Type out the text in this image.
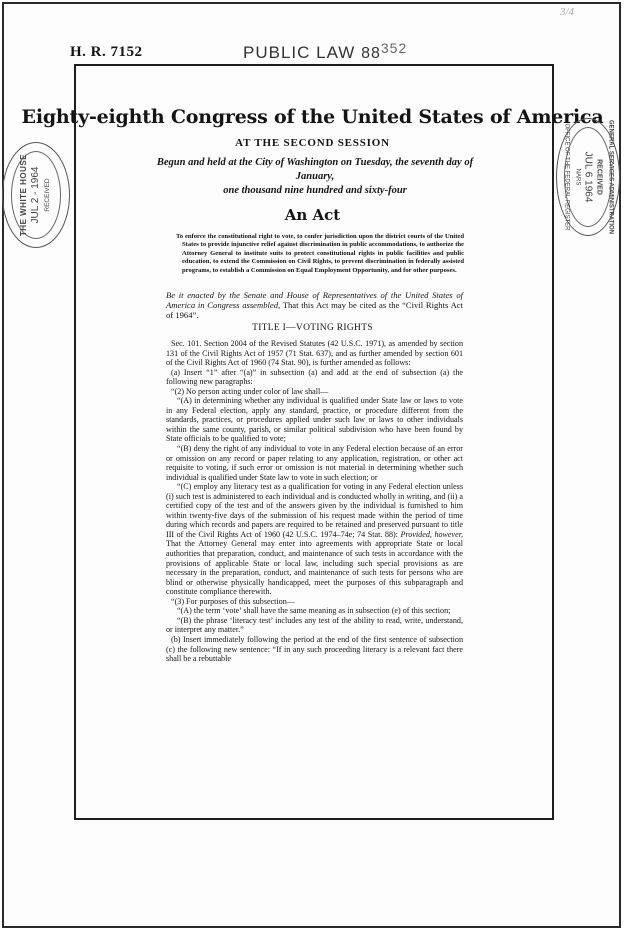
3/4
H. R. 7152	PUBLIC LAW $88^{352}$
Eighty-eighth Congress of the United States of America
AT THE SECOND SESSION
Begun and held at the City of Washington on Tuesday, the seventh day of January,
one thousand nine hundred and sixty-four
An Act
To enforce the constitutional right to vote, to confer jurisdiction upon the district courts of the United States to provide injunctive relief against discrimination in public accommodations, to authorize the Attorney General to institute suits to protect constitutional rights in public facilities and public education, to extend the Commission on Civil Rights, to prevent discrimination in federally assisted programs, to establish a Commission on Equal Employment Opportunity, and for other purposes.
Be it enacted by the Senate and House of Representatives of the United States of America in Congress assembled, That this Act may be cited as the “Civil Rights Act of 1964”.
TITLE I—VOTING RIGHTS

Sec. 101. Section 2004 of the Revised Statutes (42 U.S.C. 1971), as amended by section 131 of the Civil Rights Act of 1957 (71 Stat. 637), and as further amended by section 601 of the Civil Rights Act of 1960 (74 Stat. 90), is further amended as follows:

(a) Insert “1” after “(a)” in subsection (a) and add at the end of subsection (a) the following new paragraphs:

“(2) No person acting under color of law shall—

“(A) in determining whether any individual is qualified under State law or laws to vote in any Federal election, apply any standard, practice, or procedure different from the standards, practices, or procedures applied under such law or laws to other individuals within the same county, parish, or similar political subdivision who have been found by State officials to be qualified to vote;

“(B) deny the right of any individual to vote in any Federal election because of an error or omission on any record or paper relating to any application, registration, or other act requisite to voting, if such error or omission is not material in determining whether such individual is qualified under State law to vote in such election; or

“(C) employ any literacy test as a qualification for voting in any Federal election unless (i) such test is administered to each individual and is conducted wholly in writing, and (ii) a certified copy of the test and of the answers given by the individual is furnished to him within twenty-five days of the submission of his request made within the period of time during which records and papers are required to be retained and preserved pursuant to title III of the Civil Rights Act of 1960 (42 U.S.C. 1974–74e; 74 Stat. 88): Provided, however, That the Attorney General may enter into agreements with appropriate State or local authorities that preparation, conduct, and maintenance of such tests in accordance with the provisions of applicable State or local law, including such special provisions as are necessary in the preparation, conduct, and maintenance of such tests for persons who are blind or otherwise physically handicapped, meet the purposes of this subparagraph and constitute compliance therewith.

“(3) For purposes of this subsection—

“(A) the term ‘vote’ shall have the same meaning as in subsection (e) of this section;

“(B) the phrase ‘literacy test’ includes any test of the ability to read, write, understand, or interpret any matter.”

(b) Insert immediately following the period at the end of the first sentence of subsection (c) the following new sentence: “If in any such proceeding literacy is a relevant fact there shall be a rebuttable

THE WHITE HOUSE JUL 2 - 1964 RECEIVED	GENERAL SERVICES ADMINISTRATION
RECEIVED
JUL 6 1964
NARS
OFFICE OF THE FEDERAL REGISTER
